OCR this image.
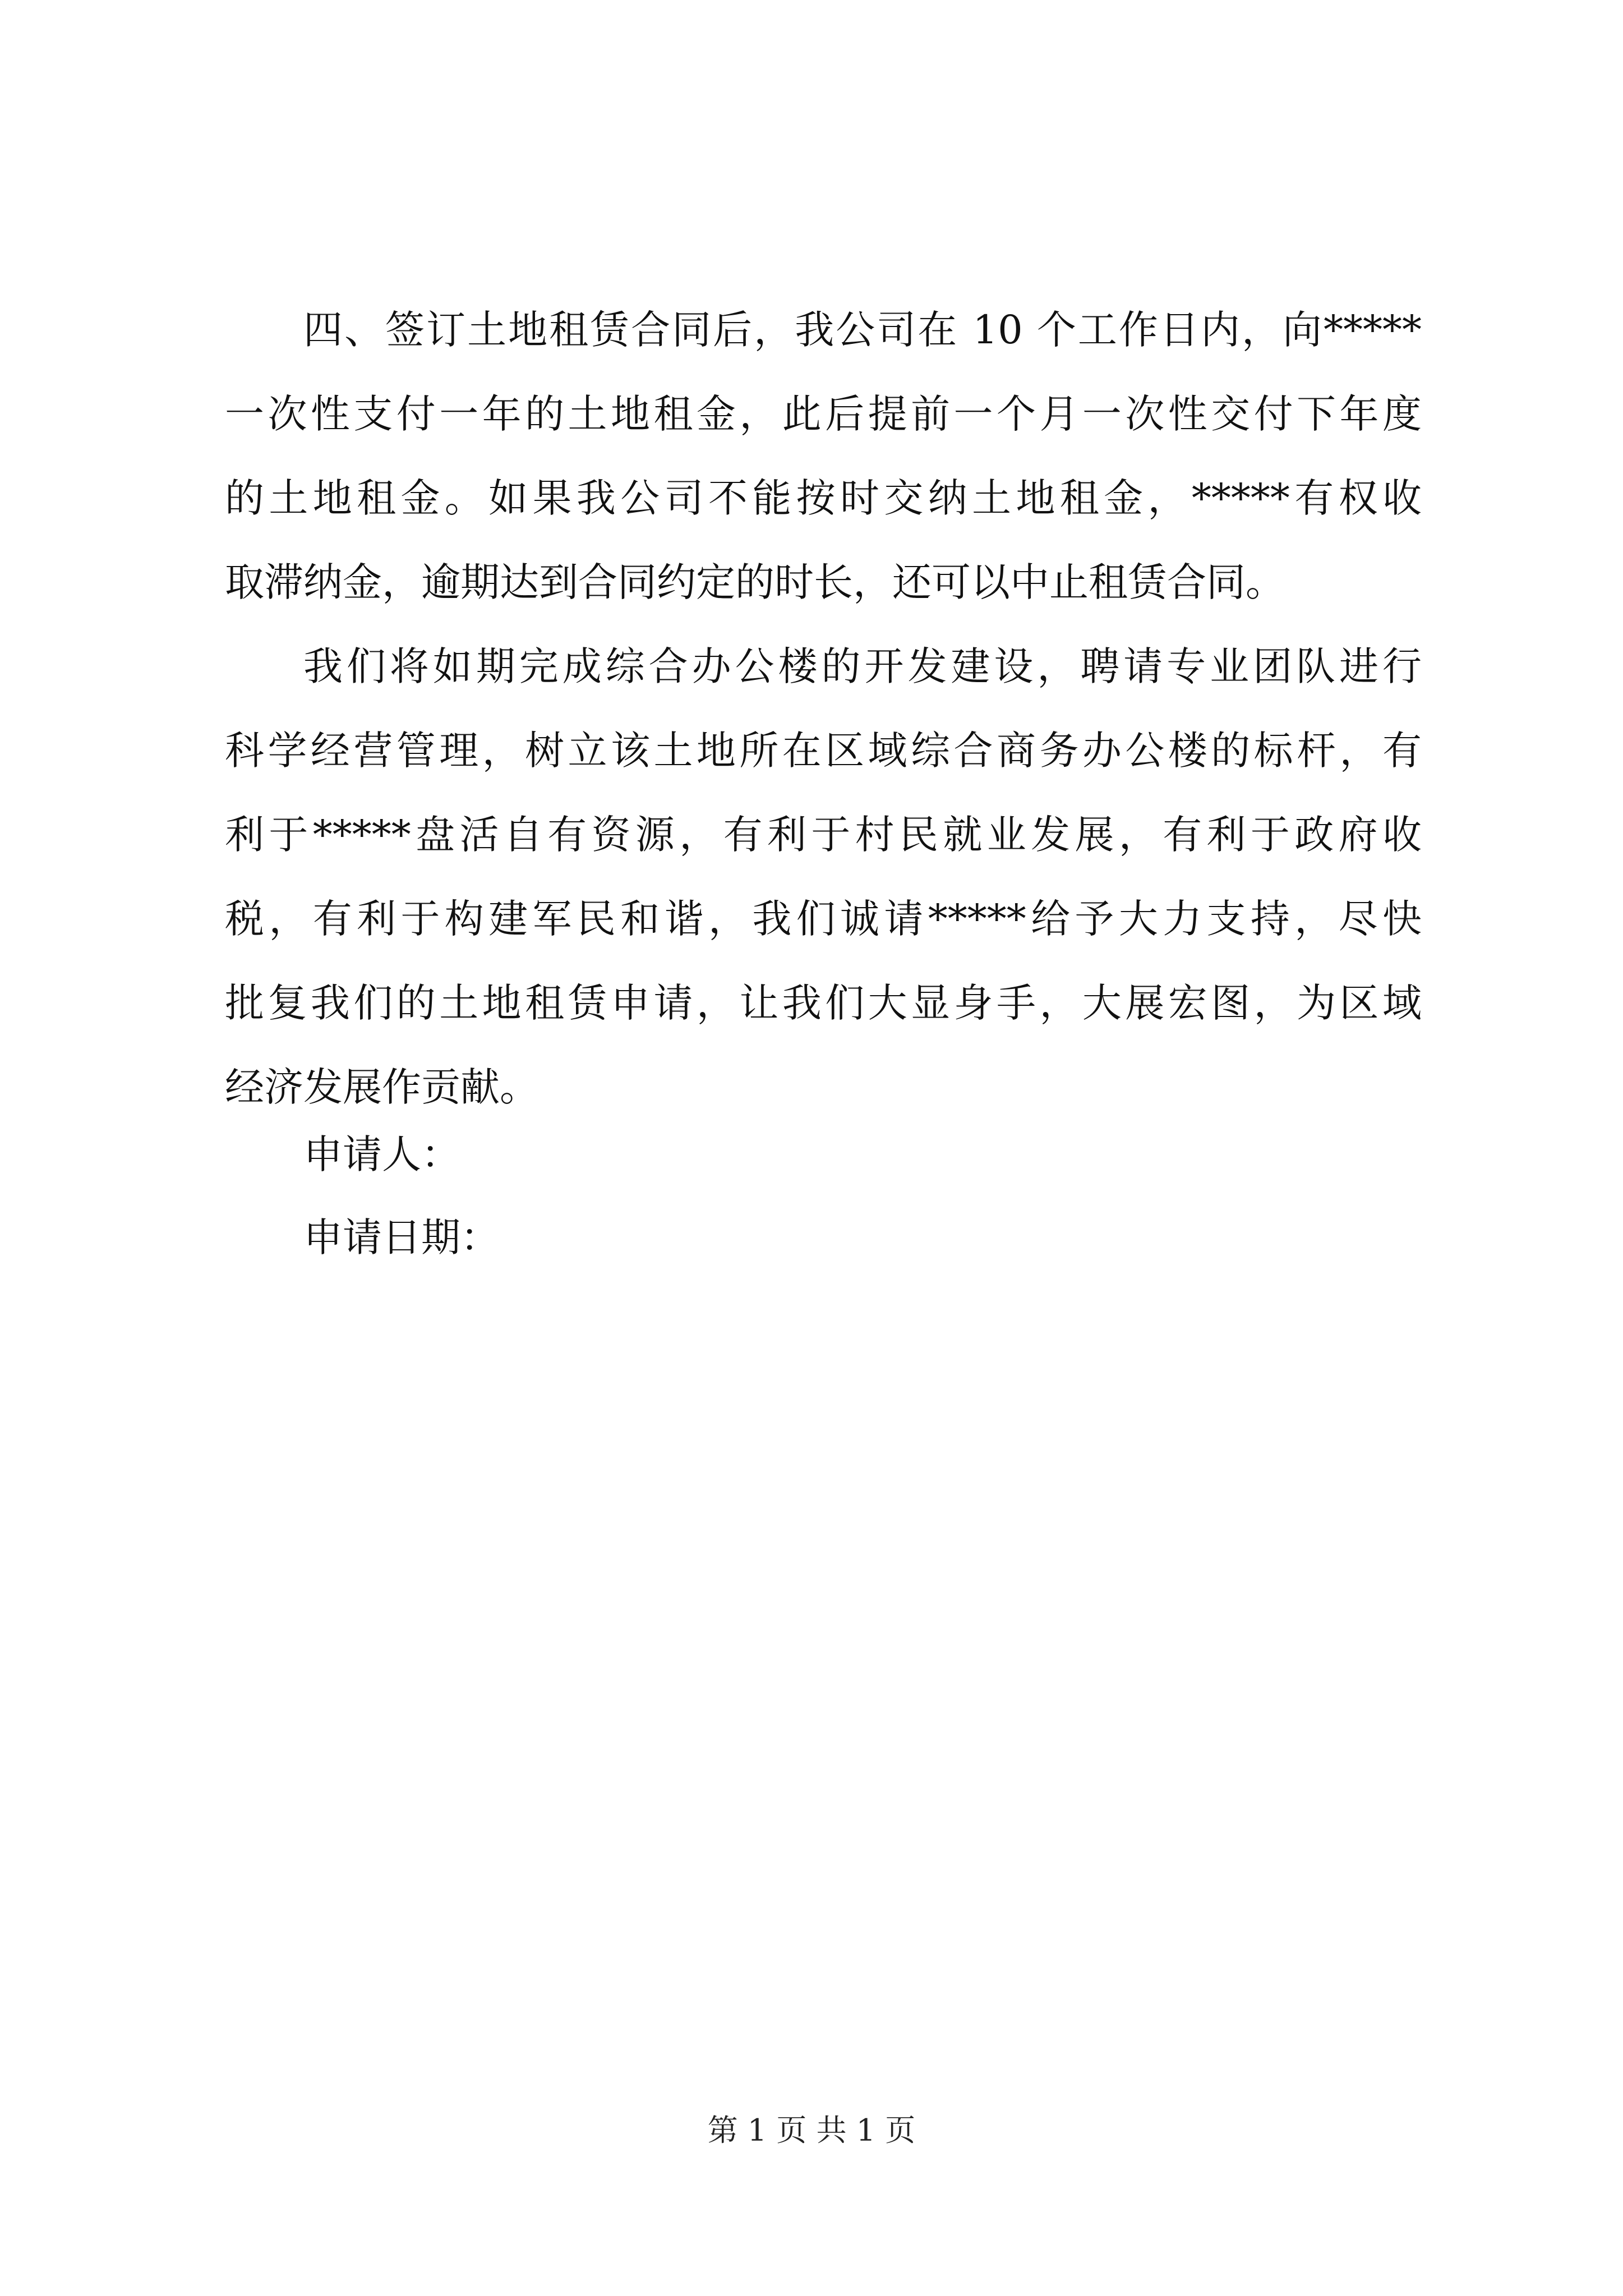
四、签订土地租赁合同后，我公司在 10 个工作日内，向*****
一次性支付一年的土地租金，此后提前一个月一次性交付下年度
的土地租金。如果我公司不能按时交纳土地租金，*****有权收
取滞纳金，逾期达到合同约定的时长，还可以中止租赁合同。
我们将如期完成综合办公楼的开发建设，聘请专业团队进行
科学经营管理，树立该土地所在区域综合商务办公楼的标杆，有
利于*****盘活自有资源，有利于村民就业发展，有利于政府收
税，有利于构建军民和谐，我们诚请*****给予大力支持，尽快
批复我们的土地租赁申请，让我们大显身手，大展宏图，为区域
经济发展作贡献。
申请人：
申请日期：
第 1 页 共 1 页
